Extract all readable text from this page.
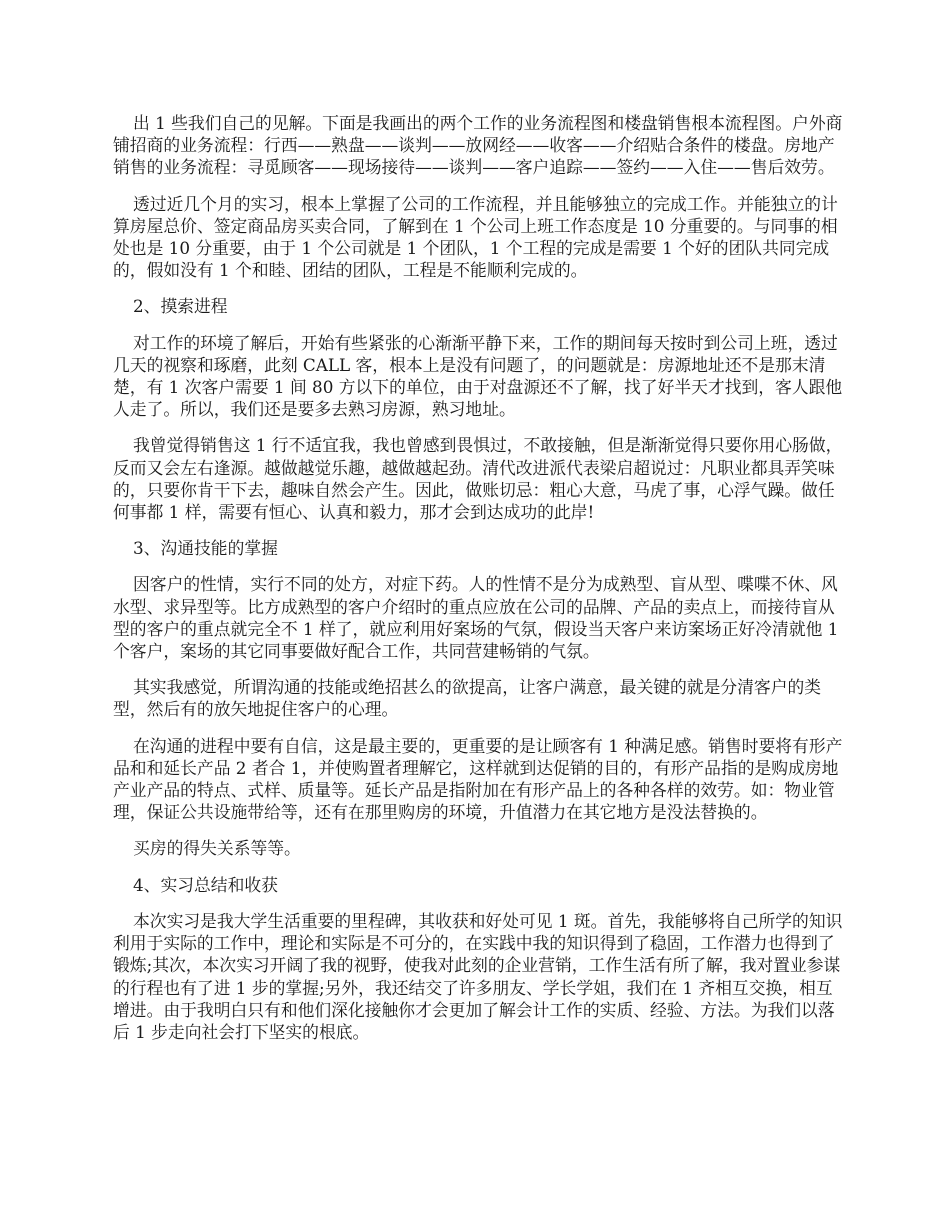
出 1 些我们自己的见解。下面是我画出的两个工作的业务流程图和楼盘销售根本流程图。户外商铺招商的业务流程：行西——熟盘——谈判——放网经——收客——介绍贴合条件的楼盘。房地产销售的业务流程：寻觅顾客——现场接待——谈判——客户追踪——签约——入住——售后效劳。

透过近几个月的实习，根本上掌握了公司的工作流程，并且能够独立的完成工作。并能独立的计算房屋总价、签定商品房买卖合同，了解到在 1 个公司上班工作态度是 10 分重要的。与同事的相处也是 10 分重要，由于 1 个公司就是 1 个团队，1 个工程的完成是需要 1 个好的团队共同完成的，假如没有 1 个和睦、团结的团队，工程是不能顺利完成的。

2、摸索进程

对工作的环境了解后，开始有些紧张的心渐渐平静下来，工作的期间每天按时到公司上班，透过几天的视察和琢磨，此刻 CALL 客，根本上是没有问题了，的问题就是：房源地址还不是那末清楚，有 1 次客户需要 1 间 80 方以下的单位，由于对盘源还不了解，找了好半天才找到，客人跟他人走了。所以，我们还是要多去熟习房源，熟习地址。

我曾觉得销售这 1 行不适宜我，我也曾感到畏惧过，不敢接触，但是渐渐觉得只要你用心肠做，反而又会左右逢源。越做越觉乐趣，越做越起劲。清代改进派代表梁启超说过：凡职业都具弄笑味的，只要你肯干下去，趣味自然会产生。因此，做账切忌：粗心大意，马虎了事，心浮气躁。做任何事都 1 样，需要有恒心、认真和毅力，那才会到达成功的此岸!

3、沟通技能的掌握

因客户的性情，实行不同的处方，对症下药。人的性情不是分为成熟型、盲从型、喋喋不休、风水型、求异型等。比方成熟型的客户介绍时的重点应放在公司的品牌、产品的卖点上，而接待盲从型的客户的重点就完全不 1 样了，就应利用好案场的气氛，假设当天客户来访案场正好冷清就他 1 个客户，案场的其它同事要做好配合工作，共同营建畅销的气氛。

其实我感觉，所谓沟通的技能或绝招甚么的欲提高，让客户满意，最关键的就是分清客户的类型，然后有的放矢地捉住客户的心理。

在沟通的进程中要有自信，这是最主要的，更重要的是让顾客有 1 种满足感。销售时要将有形产品和和延长产品 2 者合 1，并使购置者理解它，这样就到达促销的目的，有形产品指的是购成房地产业产品的特点、式样、质量等。延长产品是指附加在有形产品上的各种各样的效劳。如：物业管理，保证公共设施带给等，还有在那里购房的环境，升值潜力在其它地方是没法替换的。

买房的得失关系等等。

4、实习总结和收获

本次实习是我大学生活重要的里程碑，其收获和好处可见 1 斑。首先，我能够将自己所学的知识利用于实际的工作中，理论和实际是不可分的，在实践中我的知识得到了稳固，工作潜力也得到了锻炼;其次，本次实习开阔了我的视野，使我对此刻的企业营销，工作生活有所了解，我对置业参谋的行程也有了进 1 步的掌握;另外，我还结交了许多朋友、学长学姐，我们在 1 齐相互交换，相互增进。由于我明白只有和他们深化接触你才会更加了解会计工作的实质、经验、方法。为我们以落后 1 步走向社会打下坚实的根底。
